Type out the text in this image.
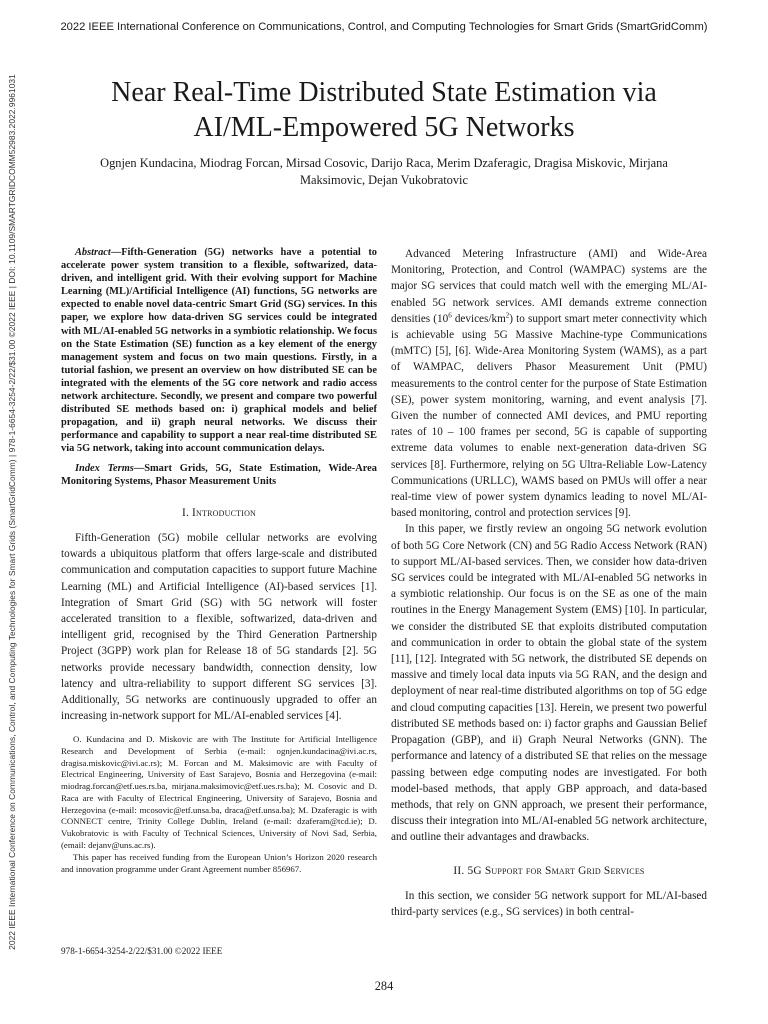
2022 IEEE International Conference on Communications, Control, and Computing Technologies for Smart Grids (SmartGridComm) | 978-1-6654-3254-2/22/$31.00 ©2022 IEEE | DOI: 10.1109/SMARTGRIDCOMM52983.2022.9961031
2022 IEEE International Conference on Communications, Control, and Computing Technologies for Smart Grids (SmartGridComm)
Near Real-Time Distributed State Estimation via
AI/ML-Empowered 5G Networks
Ognjen Kundacina, Miodrag Forcan, Mirsad Cosovic, Darijo Raca, Merim Dzaferagic, Dragisa Miskovic, Mirjana
Maksimovic, Dejan Vukobratovic

Abstract—Fifth-Generation (5G) networks have a potential to accelerate power system transition to a flexible, softwarized, data-driven, and intelligent grid. With their evolving support for Machine Learning (ML)/Artificial Intelligence (AI) functions, 5G networks are expected to enable novel data-centric Smart Grid (SG) services. In this paper, we explore how data-driven SG services could be integrated with ML/AI-enabled 5G networks in a symbiotic relationship. We focus on the State Estimation (SE) function as a key element of the energy management system and focus on two main questions. Firstly, in a tutorial fashion, we present an overview on how distributed SE can be integrated with the elements of the 5G core network and radio access network architecture. Secondly, we present and compare two powerful distributed SE methods based on: i) graphical models and belief propagation, and ii) graph neural networks. We discuss their performance and capability to support a near real-time distributed SE via 5G network, taking into account communication delays.

Index Terms—Smart Grids, 5G, State Estimation, Wide-Area Monitoring Systems, Phasor Measurement Units

I. Introduction

Fifth-Generation (5G) mobile cellular networks are evolving towards a ubiquitous platform that offers large-scale and distributed communication and computation capacities to support future Machine Learning (ML) and Artificial Intelligence (AI)-based services [1]. Integration of Smart Grid (SG) with 5G network will foster accelerated transition to a flexible, softwarized, data-driven and intelligent grid, recognised by the Third Generation Partnership Project (3GPP) work plan for Release 18 of 5G standards [2]. 5G networks provide necessary bandwidth, connection density, low latency and ultra-reliability to support different SG services [3]. Additionally, 5G networks are continuously upgraded to offer an increasing in-network support for ML/AI-enabled services [4].

O. Kundacina and D. Miskovic are with The Institute for Artificial Intelligence Research and Development of Serbia (e-mail: ognjen.kundacina@ivi.ac.rs, dragisa.miskovic@ivi.ac.rs); M. Forcan and M. Maksimovic are with Faculty of Electrical Engineering, University of East Sarajevo, Bosnia and Herzegovina (e-mail: miodrag.forcan@etf.ues.rs.ba, mirjana.maksimovic@etf.ues.rs.ba); M. Cosovic and D. Raca are with Faculty of Electrical Engineering, University of Sarajevo, Bosnia and Herzegovina (e-mail: mcosovic@etf.unsa.ba, draca@etf.unsa.ba); M. Dzaferagic is with CONNECT centre, Trinity College Dublin, Ireland (e-mail: dzaferam@tcd.ie); D. Vukobratovic is with Faculty of Technical Sciences, University of Novi Sad, Serbia, (email: dejanv@uns.ac.rs).

This paper has received funding from the European Union’s Horizon 2020 research and innovation programme under Grant Agreement number 856967.

Advanced Metering Infrastructure (AMI) and Wide-Area Monitoring, Protection, and Control (WAMPAC) systems are the major SG services that could match well with the emerging ML/AI-enabled 5G network services. AMI demands extreme connection densities ($10^6$ devices/$km^2$) to support smart meter connectivity which is achievable using 5G Massive Machine-type Communications (mMTC) [5], [6]. Wide-Area Monitoring System (WAMS), as a part of WAMPAC, delivers Phasor Measurement Unit (PMU) measurements to the control center for the purpose of State Estimation (SE), power system monitoring, warning, and event analysis [7]. Given the number of connected AMI devices, and PMU reporting rates of 10 – 100 frames per second, 5G is capable of supporting extreme data volumes to enable next-generation data-driven SG services [8]. Furthermore, relying on 5G Ultra-Reliable Low-Latency Communications (URLLC), WAMS based on PMUs will offer a near real-time view of power system dynamics leading to novel ML/AI-based monitoring, control and protection services [9].

In this paper, we firstly review an ongoing 5G network evolution of both 5G Core Network (CN) and 5G Radio Access Network (RAN) to support ML/AI-based services. Then, we consider how data-driven SG services could be integrated with ML/AI-enabled 5G networks in a symbiotic relationship. Our focus is on the SE as one of the main routines in the Energy Management System (EMS) [10]. In particular, we consider the distributed SE that exploits distributed computation and communication in order to obtain the global state of the system [11], [12]. Integrated with 5G network, the distributed SE depends on massive and timely local data inputs via 5G RAN, and the design and deployment of near real-time distributed algorithms on top of 5G edge and cloud computing capacities [13]. Herein, we present two powerful distributed SE methods based on: i) factor graphs and Gaussian Belief Propagation (GBP), and ii) Graph Neural Networks (GNN). The performance and latency of a distributed SE that relies on the message passing between edge computing nodes are investigated. For both model-based methods, that apply GBP approach, and data-based methods, that rely on GNN approach, we present their performance, discuss their integration into ML/AI-enabled 5G network architecture, and outline their advantages and drawbacks.

II. 5G Support for Smart Grid Services

In this section, we consider 5G network support for ML/AI-based third-party services (e.g., SG services) in both central-

978-1-6654-3254-2/22/$31.00 ©2022 IEEE
284
